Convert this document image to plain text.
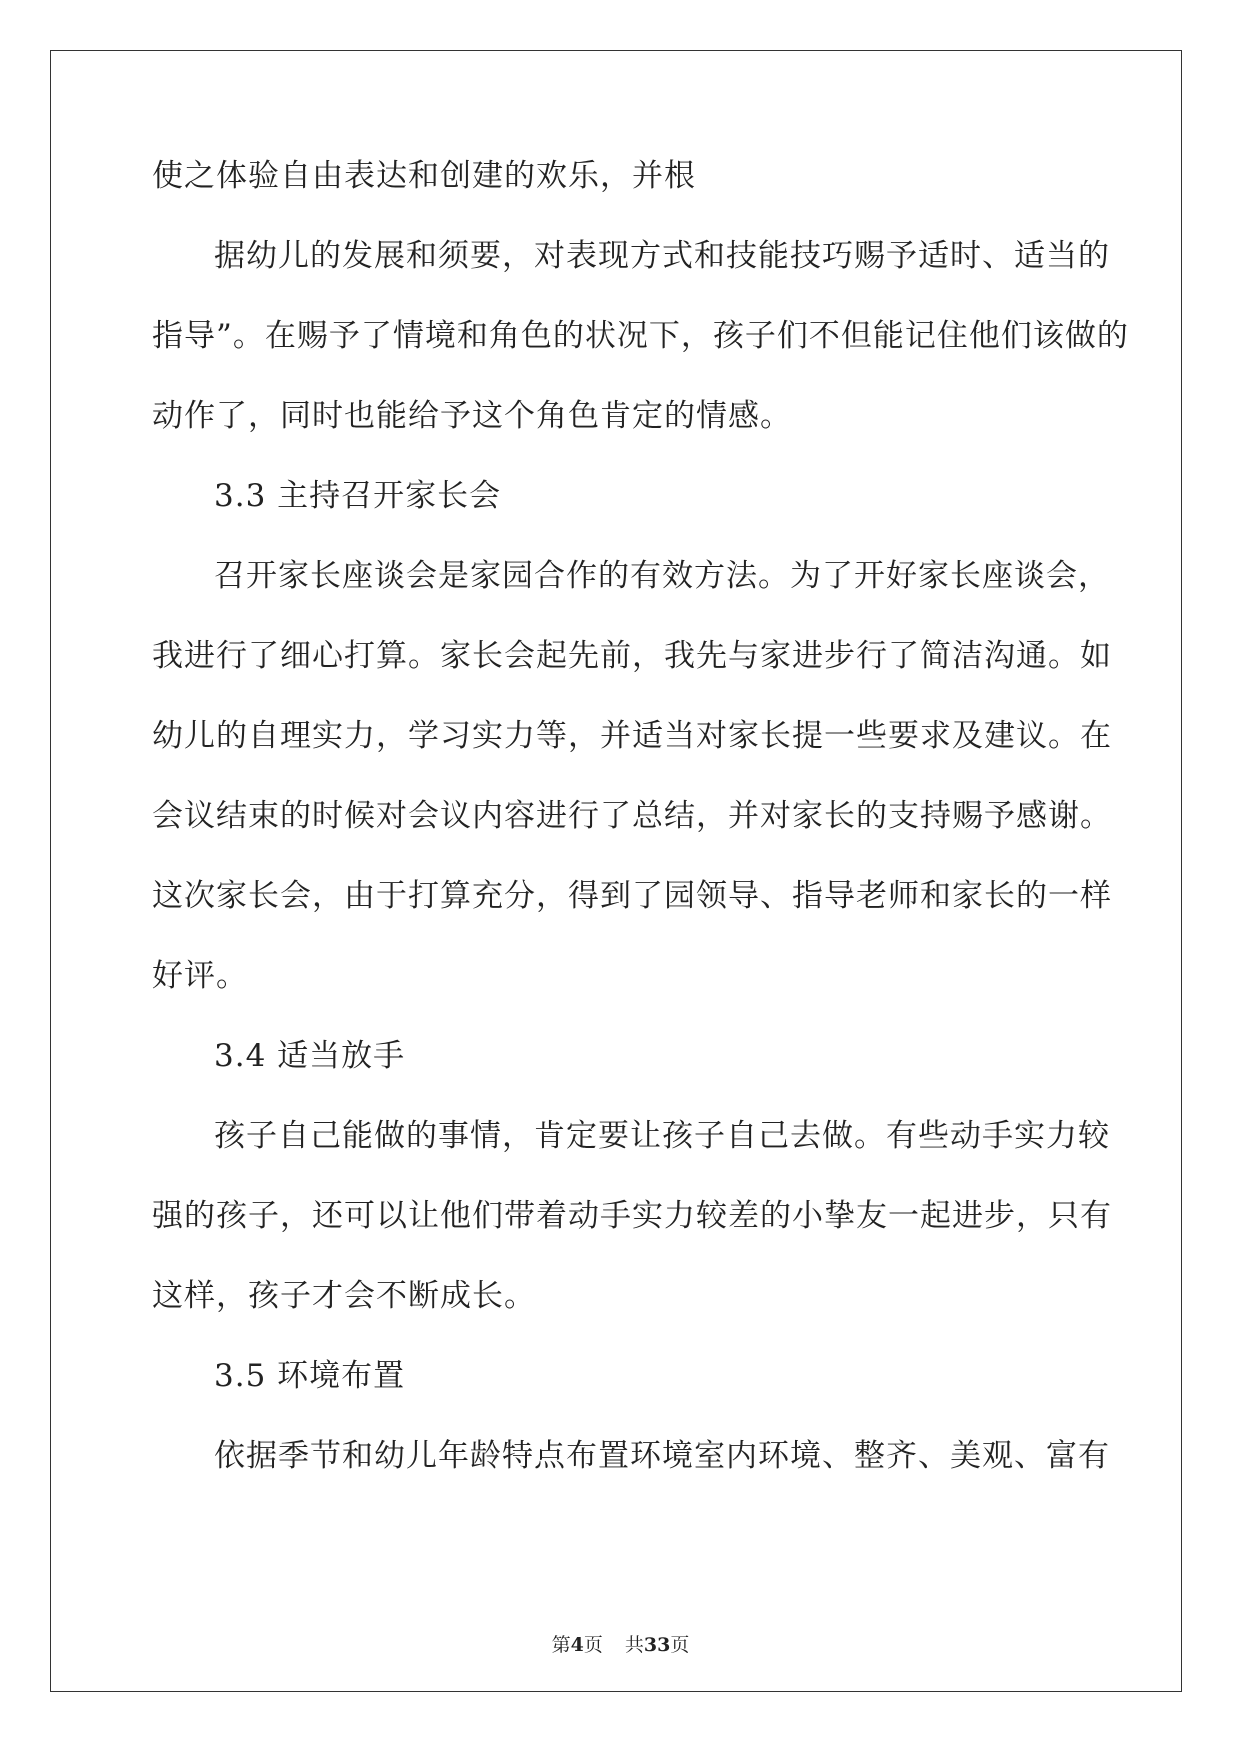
使之体验自由表达和创建的欢乐，并根
据幼儿的发展和须要，对表现方式和技能技巧赐予适时、适当的
指导”。在赐予了情境和角色的状况下，孩子们不但能记住他们该做的
动作了，同时也能给予这个角色肯定的情感。
3.3 主持召开家长会
召开家长座谈会是家园合作的有效方法。为了开好家长座谈会，
我进行了细心打算。家长会起先前，我先与家进步行了简洁沟通。如
幼儿的自理实力，学习实力等，并适当对家长提一些要求及建议。在
会议结束的时候对会议内容进行了总结，并对家长的支持赐予感谢。
这次家长会，由于打算充分，得到了园领导、指导老师和家长的一样
好评。
3.4 适当放手
孩子自己能做的事情，肯定要让孩子自己去做。有些动手实力较
强的孩子，还可以让他们带着动手实力较差的小挚友一起进步，只有
这样，孩子才会不断成长。
3.5 环境布置
依据季节和幼儿年龄特点布置环境室内环境、整齐、美观、富有
第4页 共33页
